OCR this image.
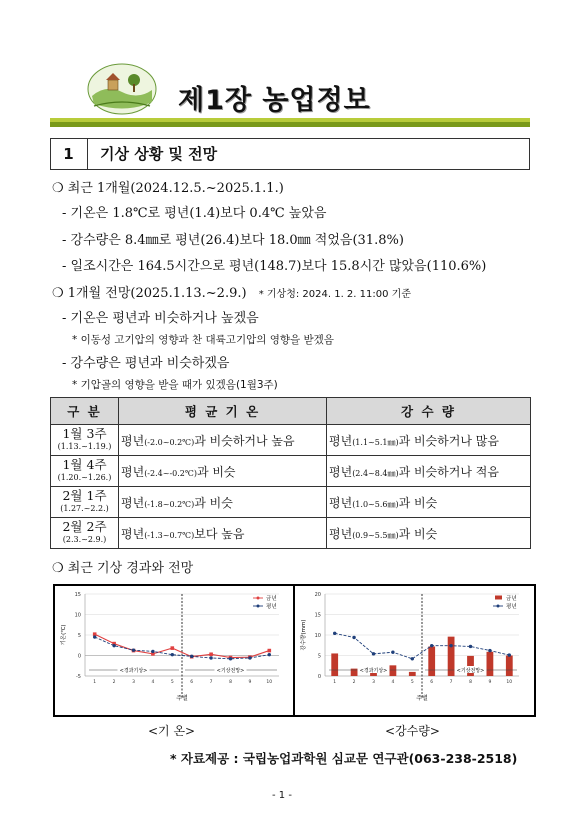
제1장 농업정보
1	기상 상황 및 전망
❍ 최근 1개월(2024.12.5.~2025.1.1.)
- 기온은 1.8℃로 평년(1.4)보다 0.4℃ 높았음
- 강수량은 8.4㎜로 평년(26.4)보다 18.0㎜ 적었음(31.8%)
- 일조시간은 164.5시간으로 평년(148.7)보다 15.8시간 많았음(110.6%)
❍ 1개월 전망(2025.1.13.~2.9.) * 기상청: 2024. 1. 2. 11:00 기준
- 기온은 평년과 비슷하거나 높겠음
* 이동성 고기압의 영향과 찬 대륙고기압의 영향을 받겠음
- 강수량은 평년과 비슷하겠음
* 기압골의 영향을 받을 때가 있겠음(1월3주)
구 분	평 균 기 온	강 수 량

1월 3주
(1.13.~1.19.)	평년(-2.0~0.2℃)과 비슷하거나 높음	평년(1.1~5.1㎜)과 비슷하거나 많음

1월 4주
(1.20.~1.26.)	평년(-2.4~-0.2℃)과 비슷	평년(2.4~8.4㎜)과 비슷하거나 적음

2월 1주
(1.27.~2.2.)	평년(-1.8~0.2℃)과 비슷	평년(1.0~5.6㎜)과 비슷

2월 2주
(2.3.~2.9.)	평년(-1.3~0.7℃)보다 높음	평년(0.9~5.5㎜)과 비슷
❍ 최근 기상 경과와 전망
-5
0
5
10
15
기온(℃)
금년
평년
<경과기상>	<기상전망>
1	2	3	4	5	6	7	8	9	10
주별
0
5
10
15
20
강수량(mm)
금년
평년
<경과기상>	<기상전망>
1	2	3	4	5	6	7	8	9	10
주별
<기 온>	<강수량>
* 자료제공 : 국립농업과학원 심교문 연구관(063-238-2518)
- 1 -
